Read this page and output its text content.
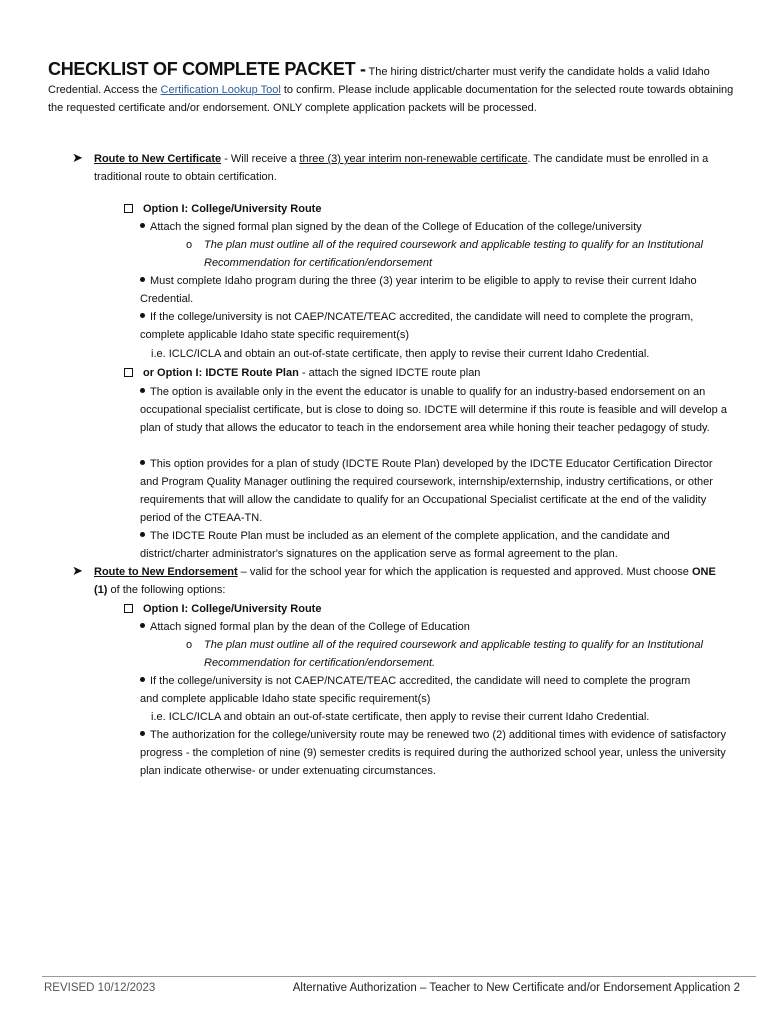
CHECKLIST OF COMPLETE PACKET - The hiring district/charter must verify the candidate holds a valid Idaho Credential. Access the Certification Lookup Tool to confirm. Please include applicable documentation for the selected route towards obtaining the requested certificate and/or endorsement. ONLY complete application packets will be processed.
➤ Route to New Certificate - Will receive a three (3) year interim non-renewable certificate. The candidate must be enrolled in a traditional route to obtain certification.
Option I: College/University Route
Attach the signed formal plan signed by the dean of the College of Education of the college/university
o The plan must outline all of the required coursework and applicable testing to qualify for an Institutional Recommendation for certification/endorsement
Must complete Idaho program during the three (3) year interim to be eligible to apply to revise their current Idaho Credential.
If the college/university is not CAEP/NCATE/TEAC accredited, the candidate will need to complete the program, complete applicable Idaho state specific requirement(s)
i.e. ICLC/ICLA and obtain an out-of-state certificate, then apply to revise their current Idaho Credential.
or Option I: IDCTE Route Plan - attach the signed IDCTE route plan
The option is available only in the event the educator is unable to qualify for an industry-based endorsement on an occupational specialist certificate, but is close to doing so. IDCTE will determine if this route is feasible and will develop a plan of study that allows the educator to teach in the endorsement area while honing their teacher pedagogy of study.
This option provides for a plan of study (IDCTE Route Plan) developed by the IDCTE Educator Certification Director and Program Quality Manager outlining the required coursework, internship/externship, industry certifications, or other requirements that will allow the candidate to qualify for an Occupational Specialist certificate at the end of the validity period of the CTEAA-TN.
The IDCTE Route Plan must be included as an element of the complete application, and the candidate and district/charter administrator's signatures on the application serve as formal agreement to the plan.
➤ Route to New Endorsement – valid for the school year for which the application is requested and approved. Must choose ONE (1) of the following options:
Option I: College/University Route
Attach signed formal plan by the dean of the College of Education
o The plan must outline all of the required coursework and applicable testing to qualify for an Institutional Recommendation for certification/endorsement.
If the college/university is not CAEP/NCATE/TEAC accredited, the candidate will need to complete the program and complete applicable Idaho state specific requirement(s)
i.e. ICLC/ICLA and obtain an out-of-state certificate, then apply to revise their current Idaho Credential.
The authorization for the college/university route may be renewed two (2) additional times with evidence of satisfactory progress - the completion of nine (9) semester credits is required during the authorized school year, unless the university plan indicate otherwise- or under extenuating circumstances.
REVISED 10/12/2023	Alternative Authorization – Teacher to New Certificate and/or Endorsement Application 2
